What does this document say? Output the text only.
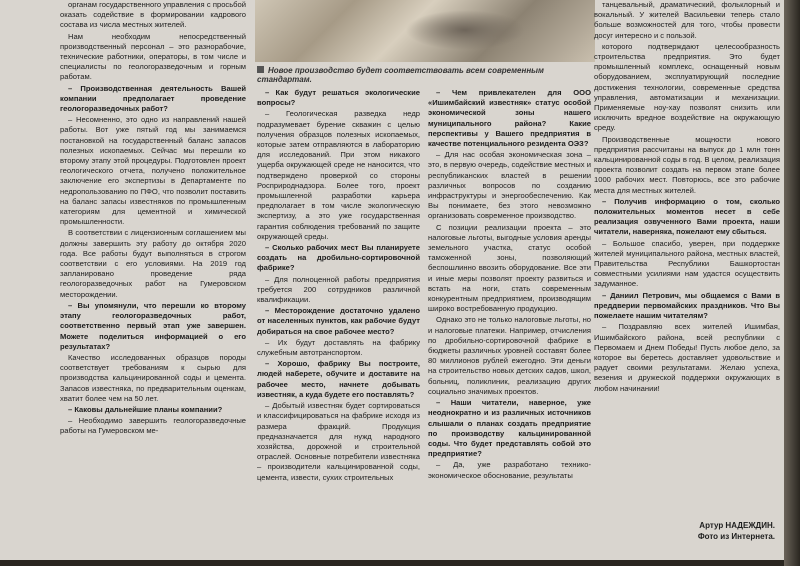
Новое производство будет соответствовать всем современным стандартам.

органам государственного управления с просьбой оказать содействие в формировании кадрового состава из числа местных жителей.

Нам необходим непосредственный производственный персонал – это разнорабочие, технические работники, операторы, в том числе и специалисты по геологоразведочным и горным работам.

– Производственная деятельность Вашей компании предполагает проведение геологоразведочных работ?

– Несомненно, это одно из направлений нашей работы. Вот уже пятый год мы занимаемся постановкой на государственный баланс запасов полезных ископаемых. Сейчас мы перешли ко второму этапу этой процедуры. Подготовлен проект геологического отчета, получено положительное заключение его экспертизы в Департаменте по недропользованию по ПФО, что позволит поставить на баланс запасы известняков по промышленным категориям для цементной и химической промышленности.

В соответствии с лицензионным соглашением мы должны завершить эту работу до октября 2020 года. Все работы будут выполняться в строгом соответствии с его условиями. На 2019 год запланировано проведение ряда геологоразведочных работ на Гумеровском месторождении.

– Вы упомянули, что перешли ко второму этапу геологоразведочных работ, соответственно первый этап уже завершен. Можете поделиться информацией о его результатах?

Качество исследованных образцов породы соответствует требованиям к сырью для производства кальцинированной соды и цемента. Запасов известняка, по предварительным оценкам, хватит более чем на 50 лет.

– Каковы дальнейшие планы компании?

– Необходимо завершить геологоразведочные работы на Гумеровском ме-

– Как будут решаться экологические вопросы?

– Геологическая разведка недр подразумевает бурение скважин с целью получения образцов полезных ископаемых, которые затем отправляются в лабораторию для исследований. При этом никакого ущерба окружающей среде не наносится, что подтверждено проверкой со стороны Росприроднадзора. Более того, проект промышленной разработки карьера предполагает в том числе экологическую экспертизу, а это уже государственная гарантия соблюдения требований по защите окружающей среды.

– Сколько рабочих мест Вы планируете создать на дробильно-сортировочной фабрике?

– Для полноценной работы предприятия требуется 200 сотрудников различной квалификации.

– Месторождение достаточно удалено от населенных пунктов, как рабочие будут добираться на свое рабочее место?

– Их будут доставлять на фабрику служебным автотранспортом.

– Хорошо, фабрику Вы построите, людей наберете, обучите и доставите на рабочее место, начнете добывать известняк, а куда будете его поставлять?

– Добытый известняк будет сортироваться и классифицироваться на фабрике исходя из размера фракций. Продукция предназначается для нужд народного хозяйства, дорожной и строительной отраслей. Основные потребители известняка – производители кальцинированной соды, цемента, извести, сухих строительных

– Чем привлекателен для ООО «Ишимбайский известняк» статус особой экономической зоны нашего муниципального района? Какие перспективы у Вашего предприятия в качестве потенциального резидента ОЭЗ?

– Для нас особая экономическая зона – это, в первую очередь, содействие местных и республиканских властей в решении различных вопросов по созданию инфраструктуры и энергообеспечению. Как Вы понимаете, без этого невозможно организовать современное производство.

С позиции реализации проекта – это налоговые льготы, выгодные условия аренды земельного участка, статус особой таможенной зоны, позволяющий беспошлинно ввозить оборудование. Все эти и иные меры позволят проекту развиться и встать на ноги, стать современным конкурентным предприятием, производящим широко востребованную продукцию.

Однако это не только налоговые льготы, но и налоговые платежи. Например, отчисления по дробильно-сортировочной фабрике в бюджеты различных уровней составят более 80 миллионов рублей ежегодно. Эти деньги на строительство новых детских садов, школ, больниц, поликлиник, реализацию других социально значимых проектов.

– Наши читатели, наверное, уже неоднократно и из различных источников слышали о планах создать предприятие по производству кальцинированной соды. Что будет представлять собой это предприятие?

– Да, уже разработано технико-экономическое обоснование, результаты

танцевальный, драматический, фольклорный и вокальный. У жителей Васильевки теперь стало больше возможностей для того, чтобы провести досуг интересно и с пользой.

которого подтверждают целесообразность строительства предприятия. Это будет промышленный комплекс, оснащенный новым оборудованием, эксплуатирующий последние достижения технологии, современные средства управления, автоматизации и механизации. Применяемые ноу-хау позволят снизить или исключить вредное воздействие на окружающую среду.

Производственные мощности нового предприятия рассчитаны на выпуск до 1 млн тонн кальцинированной соды в год. В целом, реализация проекта позволит создать на первом этапе более 1000 рабочих мест. Повторюсь, все это рабочие места для местных жителей.

– Получив информацию о том, сколько положительных моментов несет в себе реализация озвученного Вами проекта, наши читатели, наверняка, пожелают ему сбыться.

– Большое спасибо, уверен, при поддержке жителей муниципального района, местных властей, Правительства Республики Башкортостан совместными усилиями нам удастся осуществить задуманное.

– Даниил Петрович, мы общаемся с Вами в преддверии первомайских праздников. Что Вы пожелаете нашим читателям?

– Поздравляю всех жителей Ишимбая, Ишимбайского района, всей республики с Первомаем и Днем Победы! Пусть любое дело, за которое вы беретесь доставляет удовольствие и радует своими результатами. Желаю успеха, везения и дружеской поддержки окружающих в любом начинании!

Артур НАДЕЖДИН.
Фото из Интернета.
